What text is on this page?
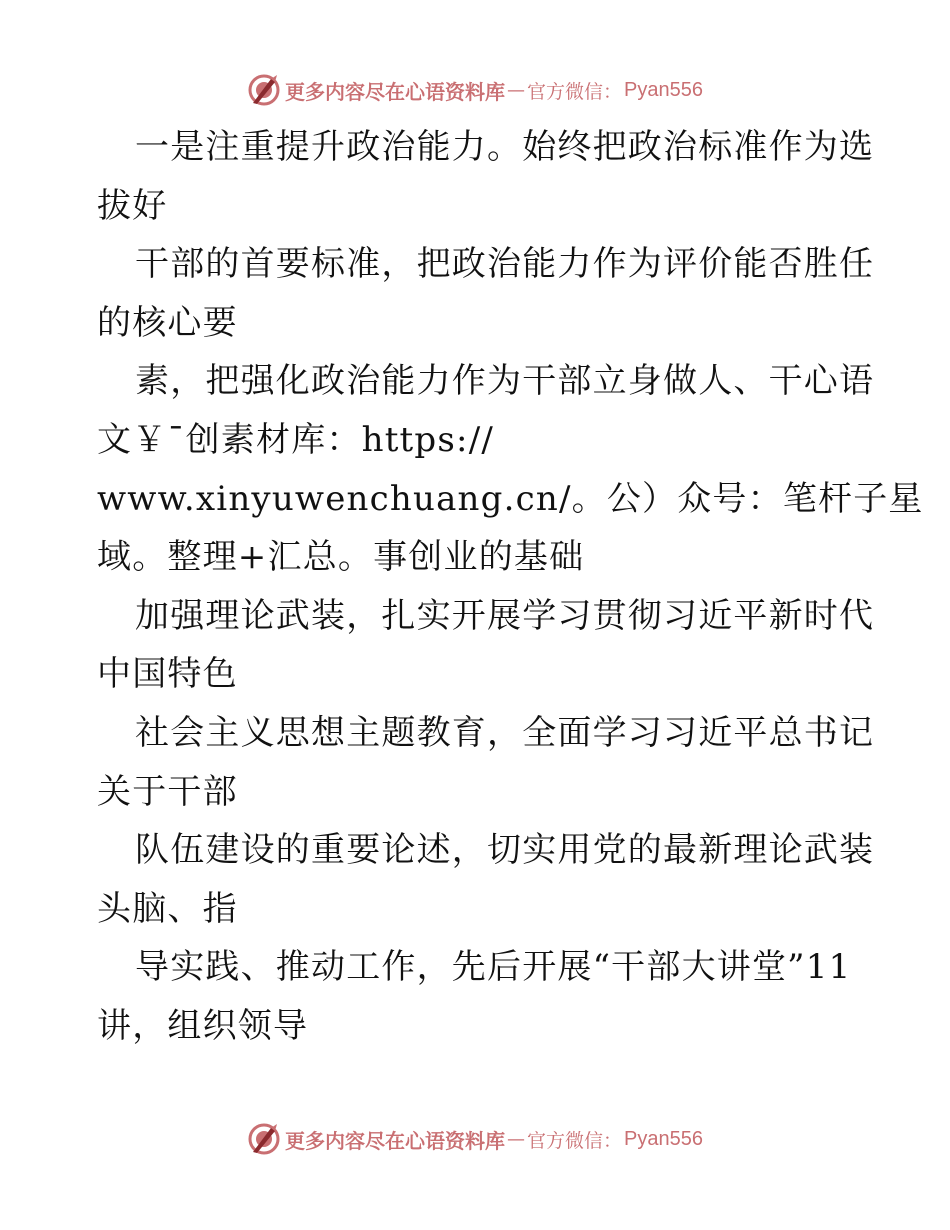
更多内容尽在心语资料库 — 官方微信： Pyan556
一是注重提升政治能力。始终把政治标准作为选
拔好
干部的首要标准，把政治能力作为评价能否胜任
的核心要
素，把强化政治能力作为干部立身做人、干心语
文￥¯创素材库：https://
www.xinyuwenchuang.cn/。公）众号：笔杆子星
域。整理+汇总。事创业的基础
加强理论武装，扎实开展学习贯彻习近平新时代
中国特色
社会主义思想主题教育，全面学习习近平总书记
关于干部
队伍建设的重要论述，切实用党的最新理论武装
头脑、指
导实践、推动工作，先后开展“干部大讲堂”11
讲，组织领导
更多内容尽在心语资料库 — 官方微信： Pyan556
